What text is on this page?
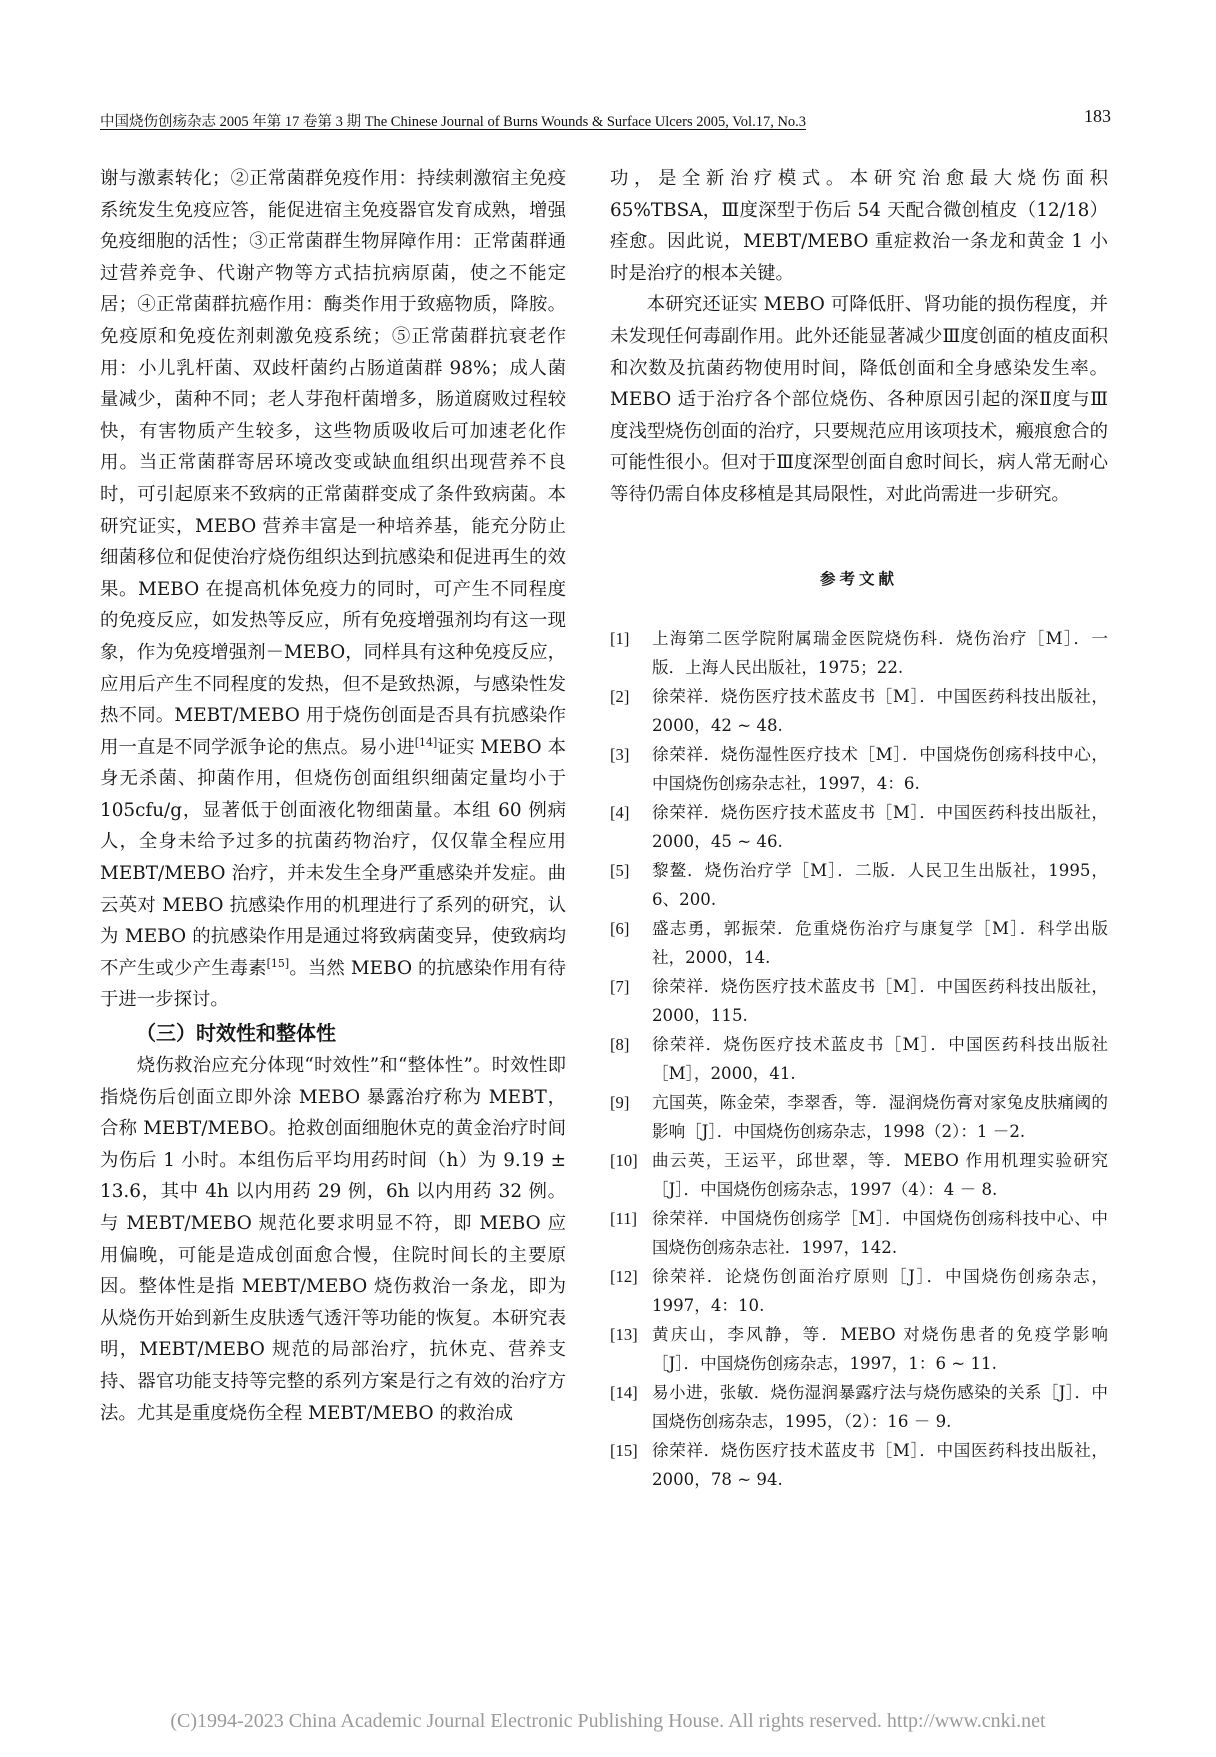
中国烧伤创疡杂志 2005 年第 17 卷第 3 期 The Chinese Journal of Burns Wounds & Surface Ulcers 2005, Vol.17, No.3	183

谢与激素转化；②正常菌群免疫作用：持续刺激宿主免疫系统发生免疫应答，能促进宿主免疫器官发育成熟，增强免疫细胞的活性；③正常菌群生物屏障作用：正常菌群通过营养竞争、代谢产物等方式拮抗病原菌，使之不能定居；④正常菌群抗癌作用：酶类作用于致癌物质，降胺。免疫原和免疫佐剂刺激免疫系统；⑤正常菌群抗衰老作用：小儿乳杆菌、双歧杆菌约占肠道菌群 98%；成人菌量减少，菌种不同；老人芽孢杆菌增多，肠道腐败过程较快，有害物质产生较多，这些物质吸收后可加速老化作用。当正常菌群寄居环境改变或缺血组织出现营养不良时，可引起原来不致病的正常菌群变成了条件致病菌。本研究证实，MEBO 营养丰富是一种培养基，能充分防止细菌移位和促使治疗烧伤组织达到抗感染和促进再生的效果。MEBO 在提高机体免疫力的同时，可产生不同程度的免疫反应，如发热等反应，所有免疫增强剂均有这一现象，作为免疫增强剂－MEBO，同样具有这种免疫反应，应用后产生不同程度的发热，但不是致热源，与感染性发热不同。MEBT/MEBO 用于烧伤创面是否具有抗感染作用一直是不同学派争论的焦点。易小进[14]证实 MEBO 本身无杀菌、抑菌作用，但烧伤创面组织细菌定量均小于 105cfu/g，显著低于创面液化物细菌量。本组 60 例病人，全身未给予过多的抗菌药物治疗，仅仅靠全程应用 MEBT/MEBO 治疗，并未发生全身严重感染并发症。曲云英对 MEBO 抗感染作用的机理进行了系列的研究，认为 MEBO 的抗感染作用是通过将致病菌变异，使致病均不产生或少产生毒素[15]。当然 MEBO 的抗感染作用有待于进一步探讨。

（三）时效性和整体性

烧伤救治应充分体现“时效性”和“整体性”。时效性即指烧伤后创面立即外涂 MEBO 暴露治疗称为 MEBT，合称 MEBT/MEBO。抢救创面细胞休克的黄金治疗时间为伤后 1 小时。本组伤后平均用药时间（h）为 9.19 ± 13.6，其中 4h 以内用药 29 例，6h 以内用药 32 例。与 MEBT/MEBO 规范化要求明显不符，即 MEBO 应用偏晚，可能是造成创面愈合慢，住院时间长的主要原因。整体性是指 MEBT/MEBO 烧伤救治一条龙，即为从烧伤开始到新生皮肤透气透汗等功能的恢复。本研究表明，MEBT/MEBO 规范的局部治疗，抗休克、营养支持、器官功能支持等完整的系列方案是行之有效的治疗方法。尤其是重度烧伤全程 MEBT/MEBO 的救治成

功，是全新治疗模式。本研究治愈最大烧伤面积 65%TBSA，Ⅲ度深型于伤后 54 天配合微创植皮（12/18）痊愈。因此说，MEBT/MEBO 重症救治一条龙和黄金 1 小时是治疗的根本关键。

本研究还证实 MEBO 可降低肝、肾功能的损伤程度，并未发现任何毒副作用。此外还能显著减少Ⅲ度创面的植皮面积和次数及抗菌药物使用时间，降低创面和全身感染发生率。MEBO 适于治疗各个部位烧伤、各种原因引起的深Ⅱ度与Ⅲ度浅型烧伤创面的治疗，只要规范应用该项技术，瘢痕愈合的可能性很小。但对于Ⅲ度深型创面自愈时间长，病人常无耐心等待仍需自体皮移植是其局限性，对此尚需进一步研究。

参考文献

[1]	上海第二医学院附属瑞金医院烧伤科．烧伤治疗［M］．一版．上海人民出版社，1975；22.
[2]	徐荣祥．烧伤医疗技术蓝皮书［M］．中国医药科技出版社，2000，42 ~ 48.
[3]	徐荣祥．烧伤湿性医疗技术［M］．中国烧伤创疡科技中心，中国烧伤创疡杂志社，1997，4：6.
[4]	徐荣祥．烧伤医疗技术蓝皮书［M］．中国医药科技出版社，2000，45 ~ 46.
[5]	黎鳌．烧伤治疗学［M］．二版．人民卫生出版社，1995，6、200.
[6]	盛志勇，郭振荣．危重烧伤治疗与康复学［M］．科学出版社，2000，14.
[7]	徐荣祥．烧伤医疗技术蓝皮书［M］．中国医药科技出版社，2000，115.
[8]	徐荣祥．烧伤医疗技术蓝皮书［M］．中国医药科技出版社［M］，2000，41.
[9]	亢国英，陈金荣，李翠香，等．湿润烧伤膏对家兔皮肤痛阈的影响［J］．中国烧伤创疡杂志，1998（2）：1 －2.
[10] 曲云英，王运平，邱世翠，等．MEBO 作用机理实验研究［J］．中国烧伤创疡杂志，1997（4）：4 － 8.
[11] 徐荣祥．中国烧伤创疡学［M］．中国烧伤创疡科技中心、中国烧伤创疡杂志社．1997，142.
[12] 徐荣祥．论烧伤创面治疗原则［J］．中国烧伤创疡杂志，1997，4：10.
[13] 黄庆山，李风静，等．MEBO 对烧伤患者的免疫学影响［J］．中国烧伤创疡杂志，1997，1：6 ~ 11.
[14] 易小进，张敏．烧伤湿润暴露疗法与烧伤感染的关系［J］．中国烧伤创疡杂志，1995，（2）：16 － 9.
[15] 徐荣祥．烧伤医疗技术蓝皮书［M］．中国医药科技出版社，2000，78 ~ 94.
(C)1994-2023 China Academic Journal Electronic Publishing House. All rights reserved. http://www.cnki.net
